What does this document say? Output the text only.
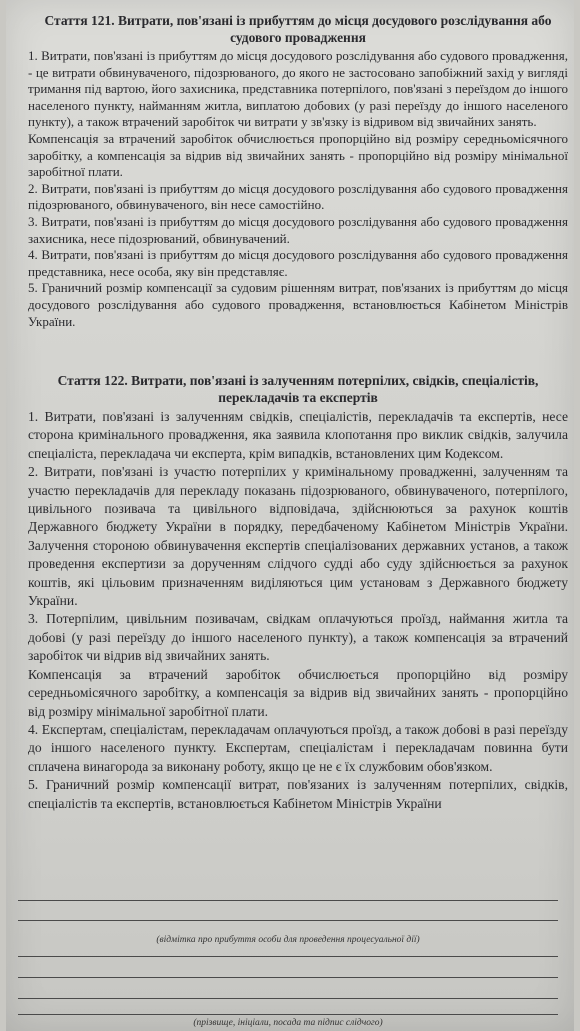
Стаття 121. Витрати, пов'язані із прибуттям до місця досудового розслідування або судового провадження

1. Витрати, пов'язані із прибуттям до місця досудового розслідування або судового провадження, - це витрати обвинуваченого, підозрюваного, до якого не застосовано запобіжний захід у вигляді тримання під вартою, його захисника, представника потерпілого, пов'язані з переїздом до іншого населеного пункту, найманням житла, виплатою добових (у разі переїзду до іншого населеного пункту), а також втрачений заробіток чи витрати у зв'язку із відривом від звичайних занять.

Компенсація за втрачений заробіток обчислюється пропорційно від розміру середньомісячного заробітку, а компенсація за відрив від звичайних занять - пропорційно від розміру мінімальної заробітної плати.

2. Витрати, пов'язані із прибуттям до місця досудового розслідування або судового провадження підозрюваного, обвинуваченого, він несе самостійно.

3. Витрати, пов'язані із прибуттям до місця досудового розслідування або судового провадження захисника, несе підозрюваний, обвинувачений.

4. Витрати, пов'язані із прибуттям до місця досудового розслідування або судового провадження представника, несе особа, яку він представляє.

5. Граничний розмір компенсації за судовим рішенням витрат, пов'язаних із прибуттям до місця досудового розслідування або судового провадження, встановлюється Кабінетом Міністрів України.

Стаття 122. Витрати, пов'язані із залученням потерпілих, свідків, спеціалістів, перекладачів та експертів

1. Витрати, пов'язані із залученням свідків, спеціалістів, перекладачів та експертів, несе сторона кримінального провадження, яка заявила клопотання про виклик свідків, залучила спеціаліста, перекладача чи експерта, крім випадків, встановлених цим Кодексом.

2. Витрати, пов'язані із участю потерпілих у кримінальному провадженні, залученням та участю перекладачів для перекладу показань підозрюваного, обвинуваченого, потерпілого, цивільного позивача та цивільного відповідача, здійснюються за рахунок коштів Державного бюджету України в порядку, передбаченому Кабінетом Міністрів України. Залучення стороною обвинувачення експертів спеціалізованих державних установ, а також проведення експертизи за дорученням слідчого судді або суду здійснюється за рахунок коштів, які цільовим призначенням виділяються цим установам з Державного бюджету України.

3. Потерпілим, цивільним позивачам, свідкам оплачуються проїзд, наймання житла та добові (у разі переїзду до іншого населеного пункту), а також компенсація за втрачений заробіток чи відрив від звичайних занять.

Компенсація за втрачений заробіток обчислюється пропорційно від розміру середньомісячного заробітку, а компенсація за відрив від звичайних занять - пропорційно від розміру мінімальної заробітної плати.

4. Експертам, спеціалістам, перекладачам оплачуються проїзд, а також добові в разі переїзду до іншого населеного пункту. Експертам, спеціалістам і перекладачам повинна бути сплачена винагорода за виконану роботу, якщо це не є їх службовим обов'язком.

5. Граничний розмір компенсації витрат, пов'язаних із залученням потерпілих, свідків, спеціалістів та експертів, встановлюється Кабінетом Міністрів України

(відмітка про прибуття особи для проведення процесуальної дії)
(прізвище, ініціали, посада та підпис слідчого)
